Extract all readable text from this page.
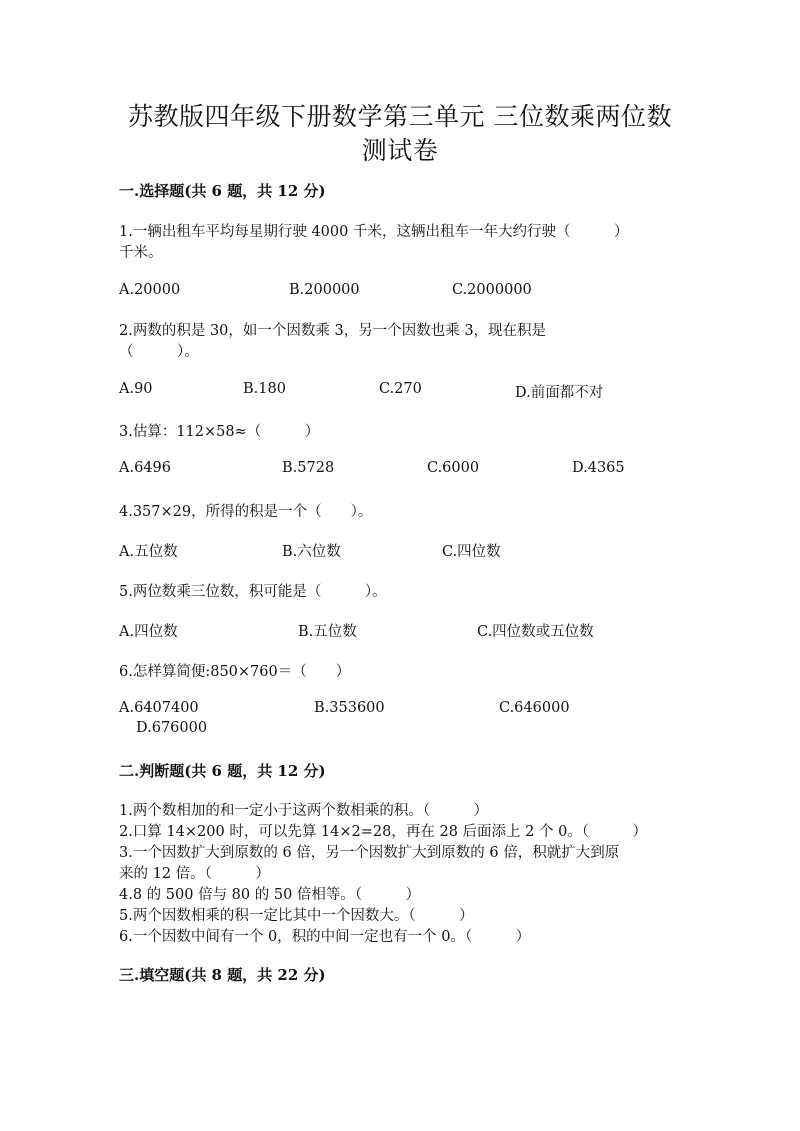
苏教版四年级下册数学第三单元 三位数乘两位数
测试卷
一.选择题(共 6 题，共 12 分)
1.一辆出租车平均每星期行驶 4000 千米，这辆出租车一年大约行驶（　　　）
千米。
A.20000	B.200000	C.2000000
2.两数的积是 30，如一个因数乘 3，另一个因数也乘 3，现在积是
（　　　）。
A.90	B.180	C.270	D.前面都不对
3.估算：112×58≈（　　　）
A.6496	B.5728	C.6000	D.4365
4.357×29，所得的积是一个（　　）。
A.五位数	B.六位数	C.四位数
5.两位数乘三位数，积可能是（　　　）。
A.四位数	B.五位数	C.四位数或五位数
6.怎样算简便:850×760＝（　　）
A.6407400	B.353600	C.646000
D.676000
二.判断题(共 6 题，共 12 分)
1.两个数相加的和一定小于这两个数相乘的积。（　　　）
2.口算 14×200 时，可以先算 14×2=28，再在 28 后面添上 2 个 0。（　　　）
3.一个因数扩大到原数的 6 倍，另一个因数扩大到原数的 6 倍，积就扩大到原
来的 12 倍。（　　　）
4.8 的 500 倍与 80 的 50 倍相等。（　　　）
5.两个因数相乘的积一定比其中一个因数大。（　　　）
6.一个因数中间有一个 0，积的中间一定也有一个 0。（　　　）
三.填空题(共 8 题，共 22 分)
